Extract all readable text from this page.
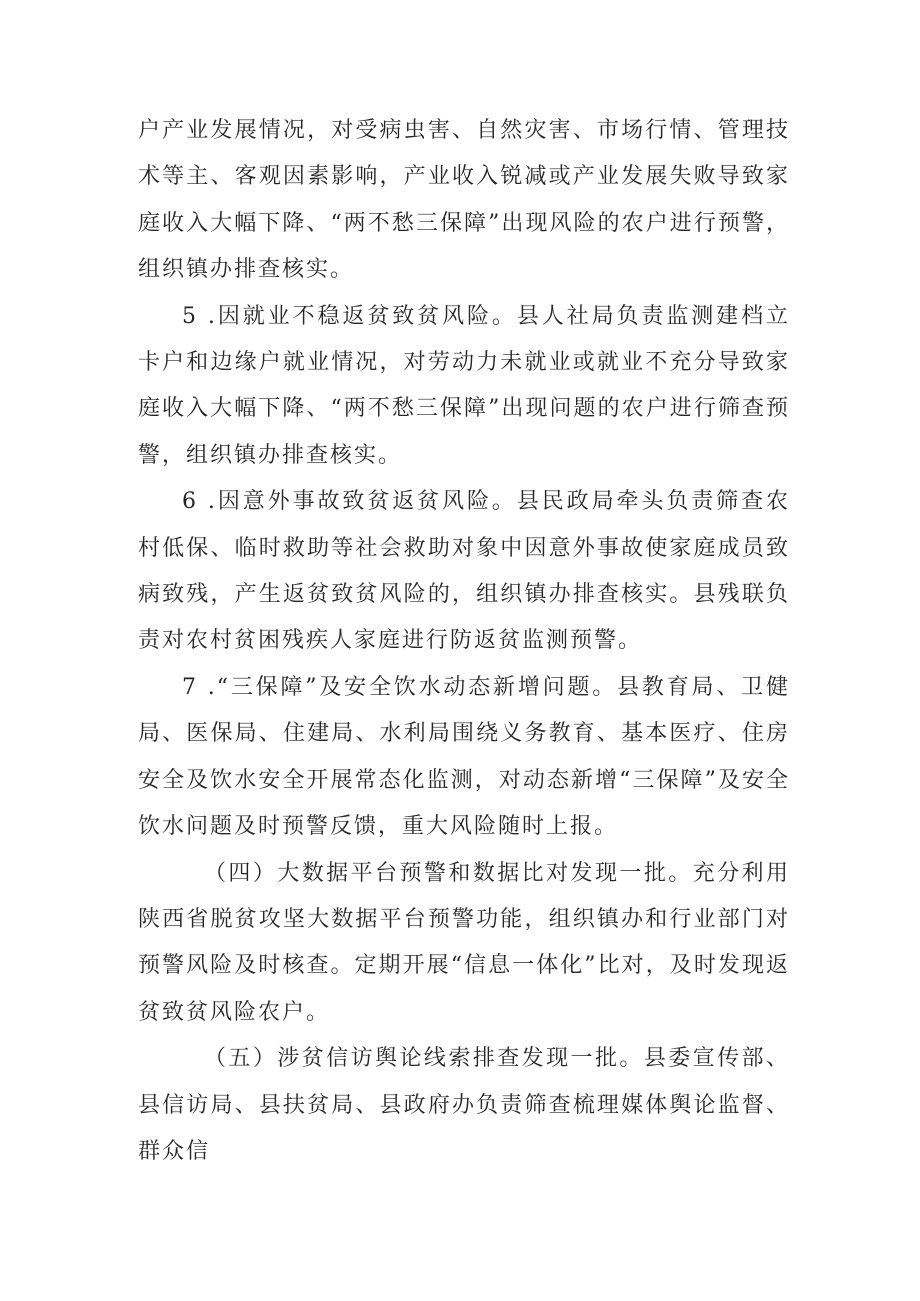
户产业发展情况，对受病虫害、自然灾害、市场行情、管理技术等主、客观因素影响，产业收入锐减或产业发展失败导致家庭收入大幅下降、“两不愁三保障”出现风险的农户进行预警，组织镇办排查核实。

5 .因就业不稳返贫致贫风险。县人社局负责监测建档立卡户和边缘户就业情况，对劳动力未就业或就业不充分导致家庭收入大幅下降、“两不愁三保障”出现问题的农户进行筛查预警，组织镇办排查核实。

6 .因意外事故致贫返贫风险。县民政局牵头负责筛查农村低保、临时救助等社会救助对象中因意外事故使家庭成员致病致残，产生返贫致贫风险的，组织镇办排查核实。县残联负责对农村贫困残疾人家庭进行防返贫监测预警。

7 .“三保障”及安全饮水动态新增问题。县教育局、卫健局、医保局、住建局、水利局围绕义务教育、基本医疗、住房安全及饮水安全开展常态化监测，对动态新增“三保障”及安全饮水问题及时预警反馈，重大风险随时上报。

（四）大数据平台预警和数据比对发现一批。充分利用陕西省脱贫攻坚大数据平台预警功能，组织镇办和行业部门对预警风险及时核查。定期开展“信息一体化”比对，及时发现返贫致贫风险农户。

（五）涉贫信访舆论线索排查发现一批。县委宣传部、县信访局、县扶贫局、县政府办负责筛查梳理媒体舆论监督、群众信
